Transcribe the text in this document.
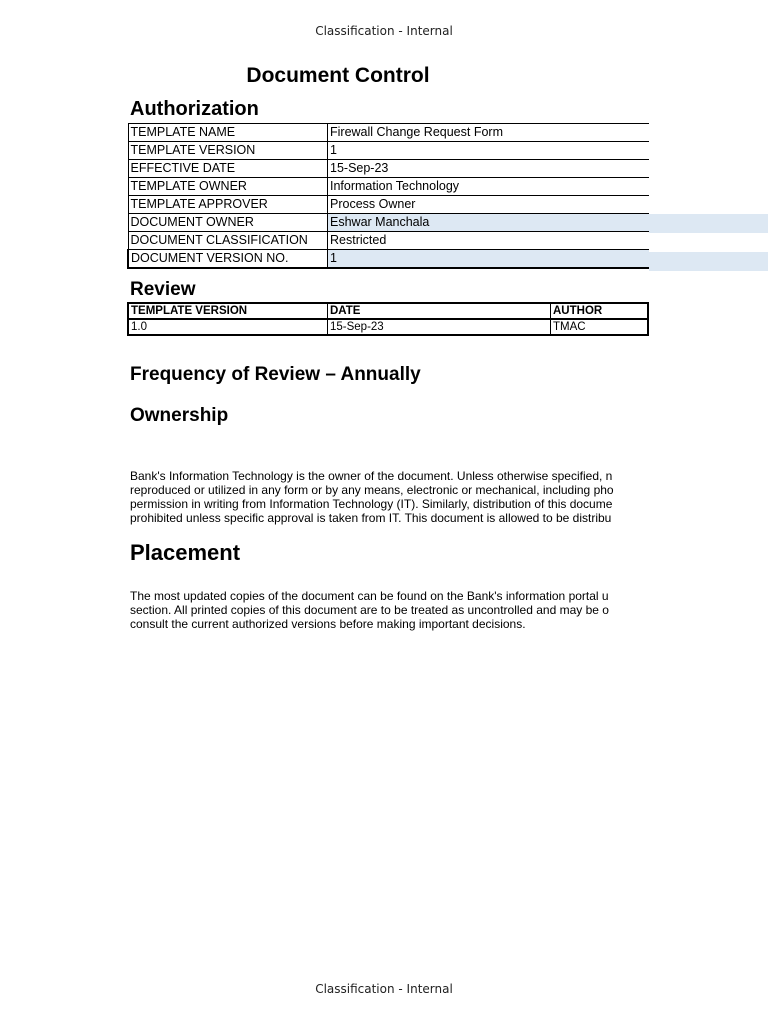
Classification - Internal
Document Control
Authorization
TEMPLATE NAME	Firewall Change Request Form
TEMPLATE VERSION	1
EFFECTIVE DATE	15-Sep-23
TEMPLATE OWNER	Information Technology
TEMPLATE APPROVER	Process Owner
DOCUMENT OWNER	Eshwar Manchala
DOCUMENT CLASSIFICATION	Restricted
DOCUMENT VERSION NO.	1
Review
TEMPLATE VERSION	DATE	AUTHOR
1.0	15-Sep-23	TMAC
Frequency of Review – Annually
Ownership
Bank's Information Technology is the owner of the document. Unless otherwise specified, n
reproduced or utilized in any form or by any means, electronic or mechanical, including pho
permission in writing from Information Technology (IT). Similarly, distribution of this docume
prohibited unless specific approval is taken from IT. This document is allowed to be distribu
Placement
The most updated copies of the document can be found on the Bank's information portal u
section. All printed copies of this document are to be treated as uncontrolled and may be o
consult the current authorized versions before making important decisions.
Classification - Internal
